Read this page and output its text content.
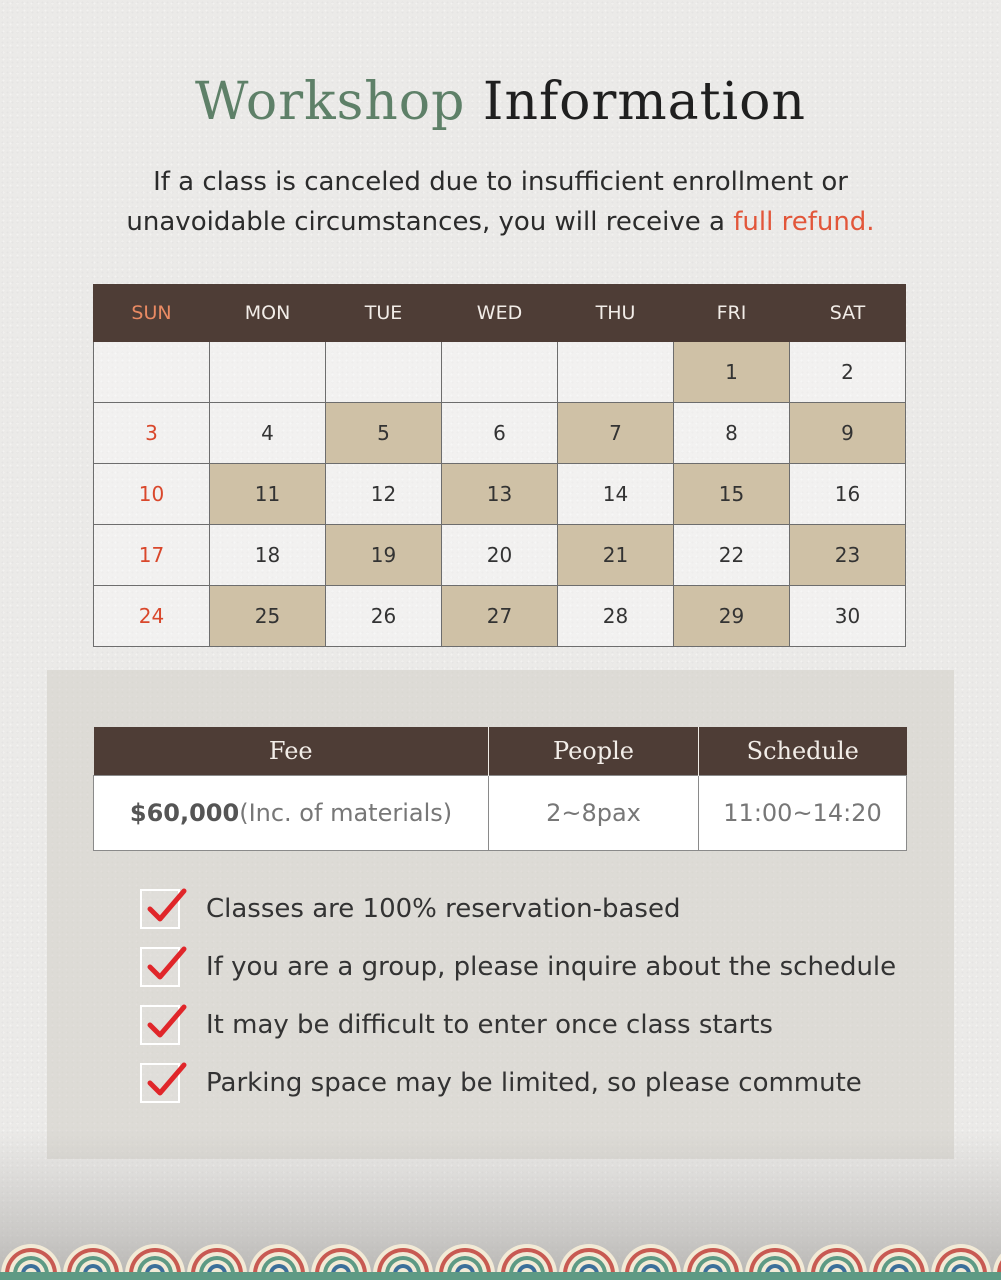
Workshop Information
If a class is canceled due to insufficient enrollment or
unavoidable circumstances, you will receive a full refund.
SUN	MON	TUE	WED	THU	FRI	SAT
					1	2
3	4	5	6	7	8	9
10	11	12	13	14	15	16
17	18	19	20	21	22	23
24	25	26	27	28	29	30
Fee	People	Schedule
$60,000(Inc. of materials)	2~8pax	11:00~14:20
Classes are 100% reservation-based
If you are a group, please inquire about the schedule
It may be difficult to enter once class starts
Parking space may be limited, so please commute
